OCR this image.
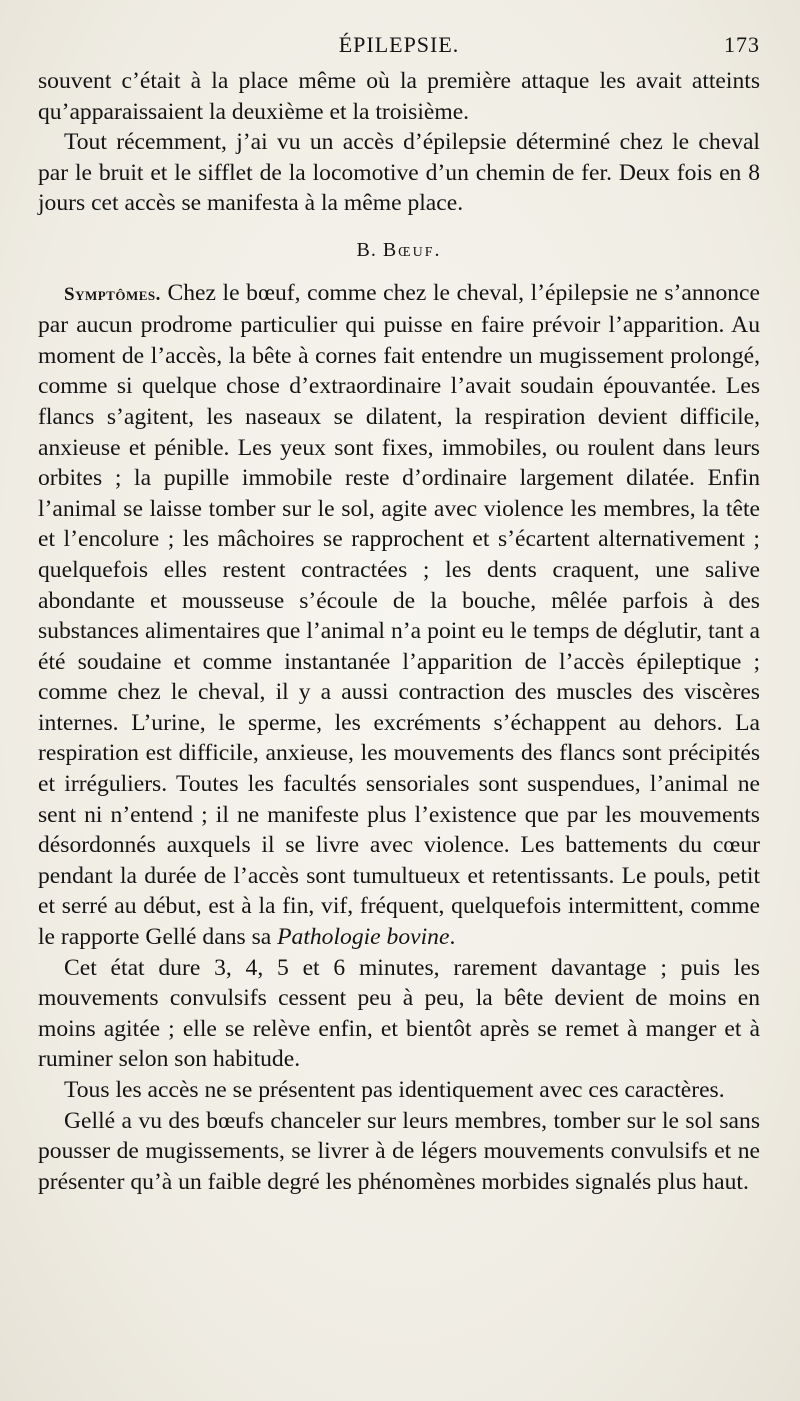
ÉPILEPSIE.	173

souvent c’était à la place même où la première attaque les avait atteints qu’apparaissaient la deuxième et la troisième.

Tout récemment, j’ai vu un accès d’épilepsie déterminé chez le cheval par le bruit et le sifflet de la locomotive d’un chemin de fer. Deux fois en 8 jours cet accès se manifesta à la même place.

B. Bœuf.

Symptômes. Chez le bœuf, comme chez le cheval, l’épilepsie ne s’annonce par aucun prodrome particulier qui puisse en faire prévoir l’apparition. Au moment de l’accès, la bête à cornes fait entendre un mugissement prolongé, comme si quelque chose d’extraordinaire l’avait soudain épouvantée. Les flancs s’agitent, les naseaux se dilatent, la respiration devient difficile, anxieuse et pénible. Les yeux sont fixes, immobiles, ou roulent dans leurs orbites ; la pupille immobile reste d’ordinaire largement dilatée. Enfin l’animal se laisse tomber sur le sol, agite avec violence les membres, la tête et l’encolure ; les mâchoires se rapprochent et s’écartent alternativement ; quelquefois elles restent contractées ; les dents craquent, une salive abondante et mousseuse s’écoule de la bouche, mêlée parfois à des substances alimentaires que l’animal n’a point eu le temps de déglutir, tant a été soudaine et comme instantanée l’apparition de l’accès épileptique ; comme chez le cheval, il y a aussi contraction des muscles des viscères internes. L’urine, le sperme, les excréments s’échappent au dehors. La respiration est difficile, anxieuse, les mouvements des flancs sont précipités et irréguliers. Toutes les facultés sensoriales sont suspendues, l’animal ne sent ni n’entend ; il ne manifeste plus l’existence que par les mouvements désordonnés auxquels il se livre avec violence. Les battements du cœur pendant la durée de l’accès sont tumultueux et retentissants. Le pouls, petit et serré au début, est à la fin, vif, fréquent, quelquefois intermittent, comme le rapporte Gellé dans sa Pathologie bovine.

Cet état dure 3, 4, 5 et 6 minutes, rarement davantage ; puis les mouvements convulsifs cessent peu à peu, la bête devient de moins en moins agitée ; elle se relève enfin, et bientôt après se remet à manger et à ruminer selon son habitude.

Tous les accès ne se présentent pas identiquement avec ces caractères.

Gellé a vu des bœufs chanceler sur leurs membres, tomber sur le sol sans pousser de mugissements, se livrer à de légers mouvements convulsifs et ne présenter qu’à un faible degré les phénomènes morbides signalés plus haut.
